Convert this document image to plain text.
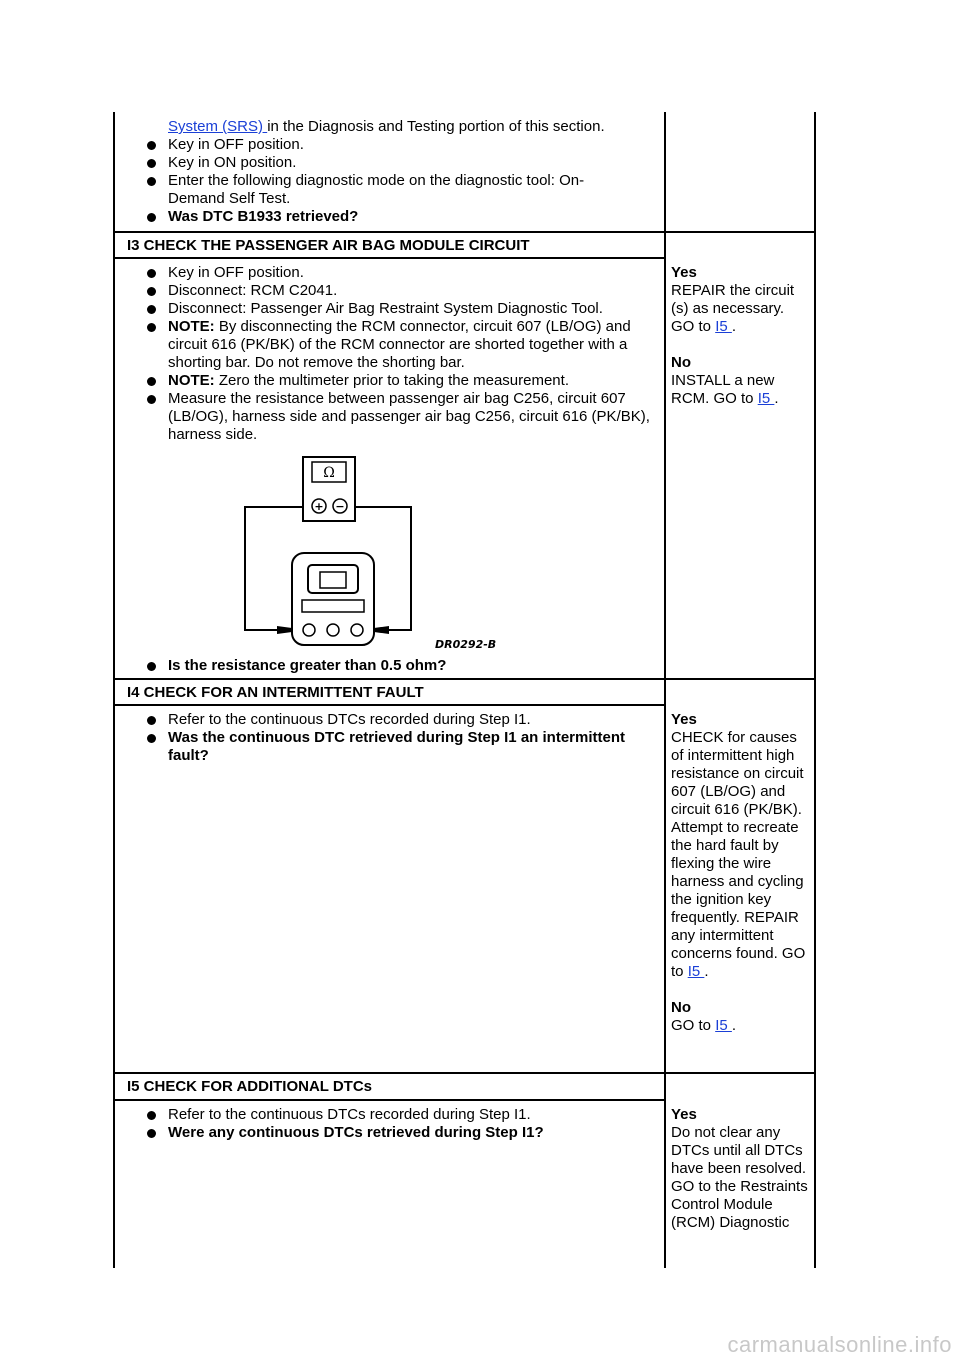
System (SRS) in the Diagnosis and Testing portion of this section.
Key in OFF position.
Key in ON position.
Enter the following diagnostic mode on the diagnostic tool: On-Demand Self Test.
Was DTC B1933 retrieved?
I3 CHECK THE PASSENGER AIR BAG MODULE CIRCUIT
Key in OFF position.
Disconnect: RCM C2041.
Disconnect: Passenger Air Bag Restraint System Diagnostic Tool.
NOTE: By disconnecting the RCM connector, circuit 607 (LB/OG) and circuit 616 (PK/BK) of the RCM connector are shorted together with a shorting bar. Do not remove the shorting bar.
NOTE: Zero the multimeter prior to taking the measurement.
Measure the resistance between passenger air bag C256, circuit 607 (LB/OG), harness side and passenger air bag C256, circuit 616 (PK/BK), harness side.
Ω
+ −
DR0292-B
Is the resistance greater than 0.5 ohm?
Yes
REPAIR the circuit (s) as necessary. GO to I5 .
No
INSTALL a new RCM. GO to I5 .
I4 CHECK FOR AN INTERMITTENT FAULT
Refer to the continuous DTCs recorded during Step I1.
Was the continuous DTC retrieved during Step I1 an intermittent fault?
Yes
CHECK for causes of intermittent high resistance on circuit 607 (LB/OG) and circuit 616 (PK/BK). Attempt to recreate the hard fault by flexing the wire harness and cycling the ignition key frequently. REPAIR any intermittent concerns found. GO to I5 .
No
GO to I5 .
I5 CHECK FOR ADDITIONAL DTCs
Refer to the continuous DTCs recorded during Step I1.
Were any continuous DTCs retrieved during Step I1?
Yes
Do not clear any DTCs until all DTCs have been resolved. GO to the Restraints Control Module (RCM) Diagnostic
carmanualsonline.info
